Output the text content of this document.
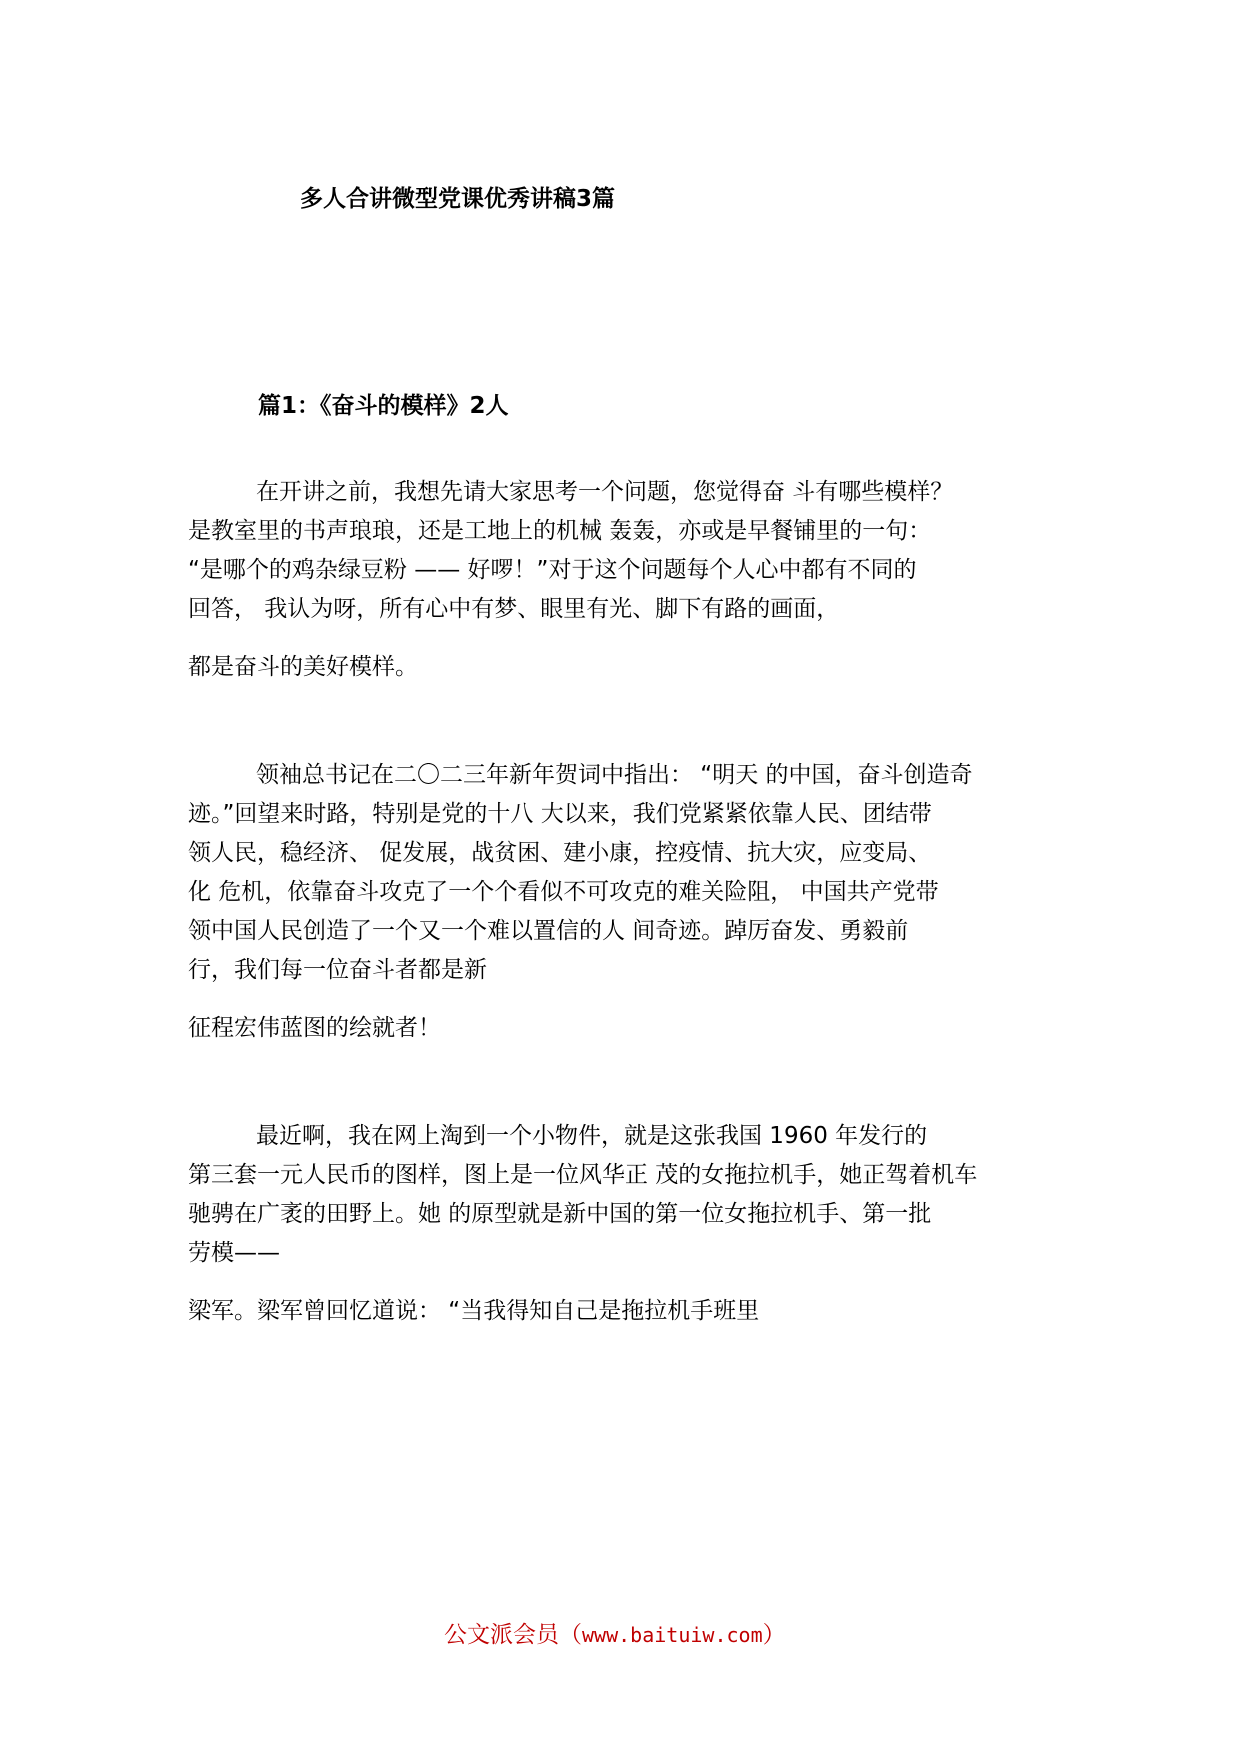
多人合讲微型党课优秀讲稿3篇
篇1：《奋斗的模样》2人
在开讲之前，我想先请大家思考一个问题，您觉得奋 斗有哪些模样？
是教室里的书声琅琅，还是工地上的机械 轰轰，亦或是早餐铺里的一句：
“是哪个的鸡杂绿豆粉 —— 好啰！”对于这个问题每个人心中都有不同的
回答， 我认为呀，所有心中有梦、眼里有光、脚下有路的画面，
都是奋斗的美好模样。
领袖总书记在二〇二三年新年贺词中指出： “明天 的中国，奋斗创造奇
迹。”回望来时路，特别是党的十八 大以来，我们党紧紧依靠人民、团结带
领人民，稳经济、 促发展，战贫困、建小康，控疫情、抗大灾，应变局、
化 危机，依靠奋斗攻克了一个个看似不可攻克的难关险阻， 中国共产党带
领中国人民创造了一个又一个难以置信的人 间奇迹。踔厉奋发、勇毅前
行，我们每一位奋斗者都是新
征程宏伟蓝图的绘就者！
最近啊，我在网上淘到一个小物件，就是这张我国 1960 年发行的
第三套一元人民币的图样，图上是一位风华正 茂的女拖拉机手，她正驾着机车
驰骋在广袤的田野上。她 的原型就是新中国的第一位女拖拉机手、第一批
劳模——
梁军。梁军曾回忆道说： “当我得知自己是拖拉机手班里
公文派会员（www.baituiw.com）
